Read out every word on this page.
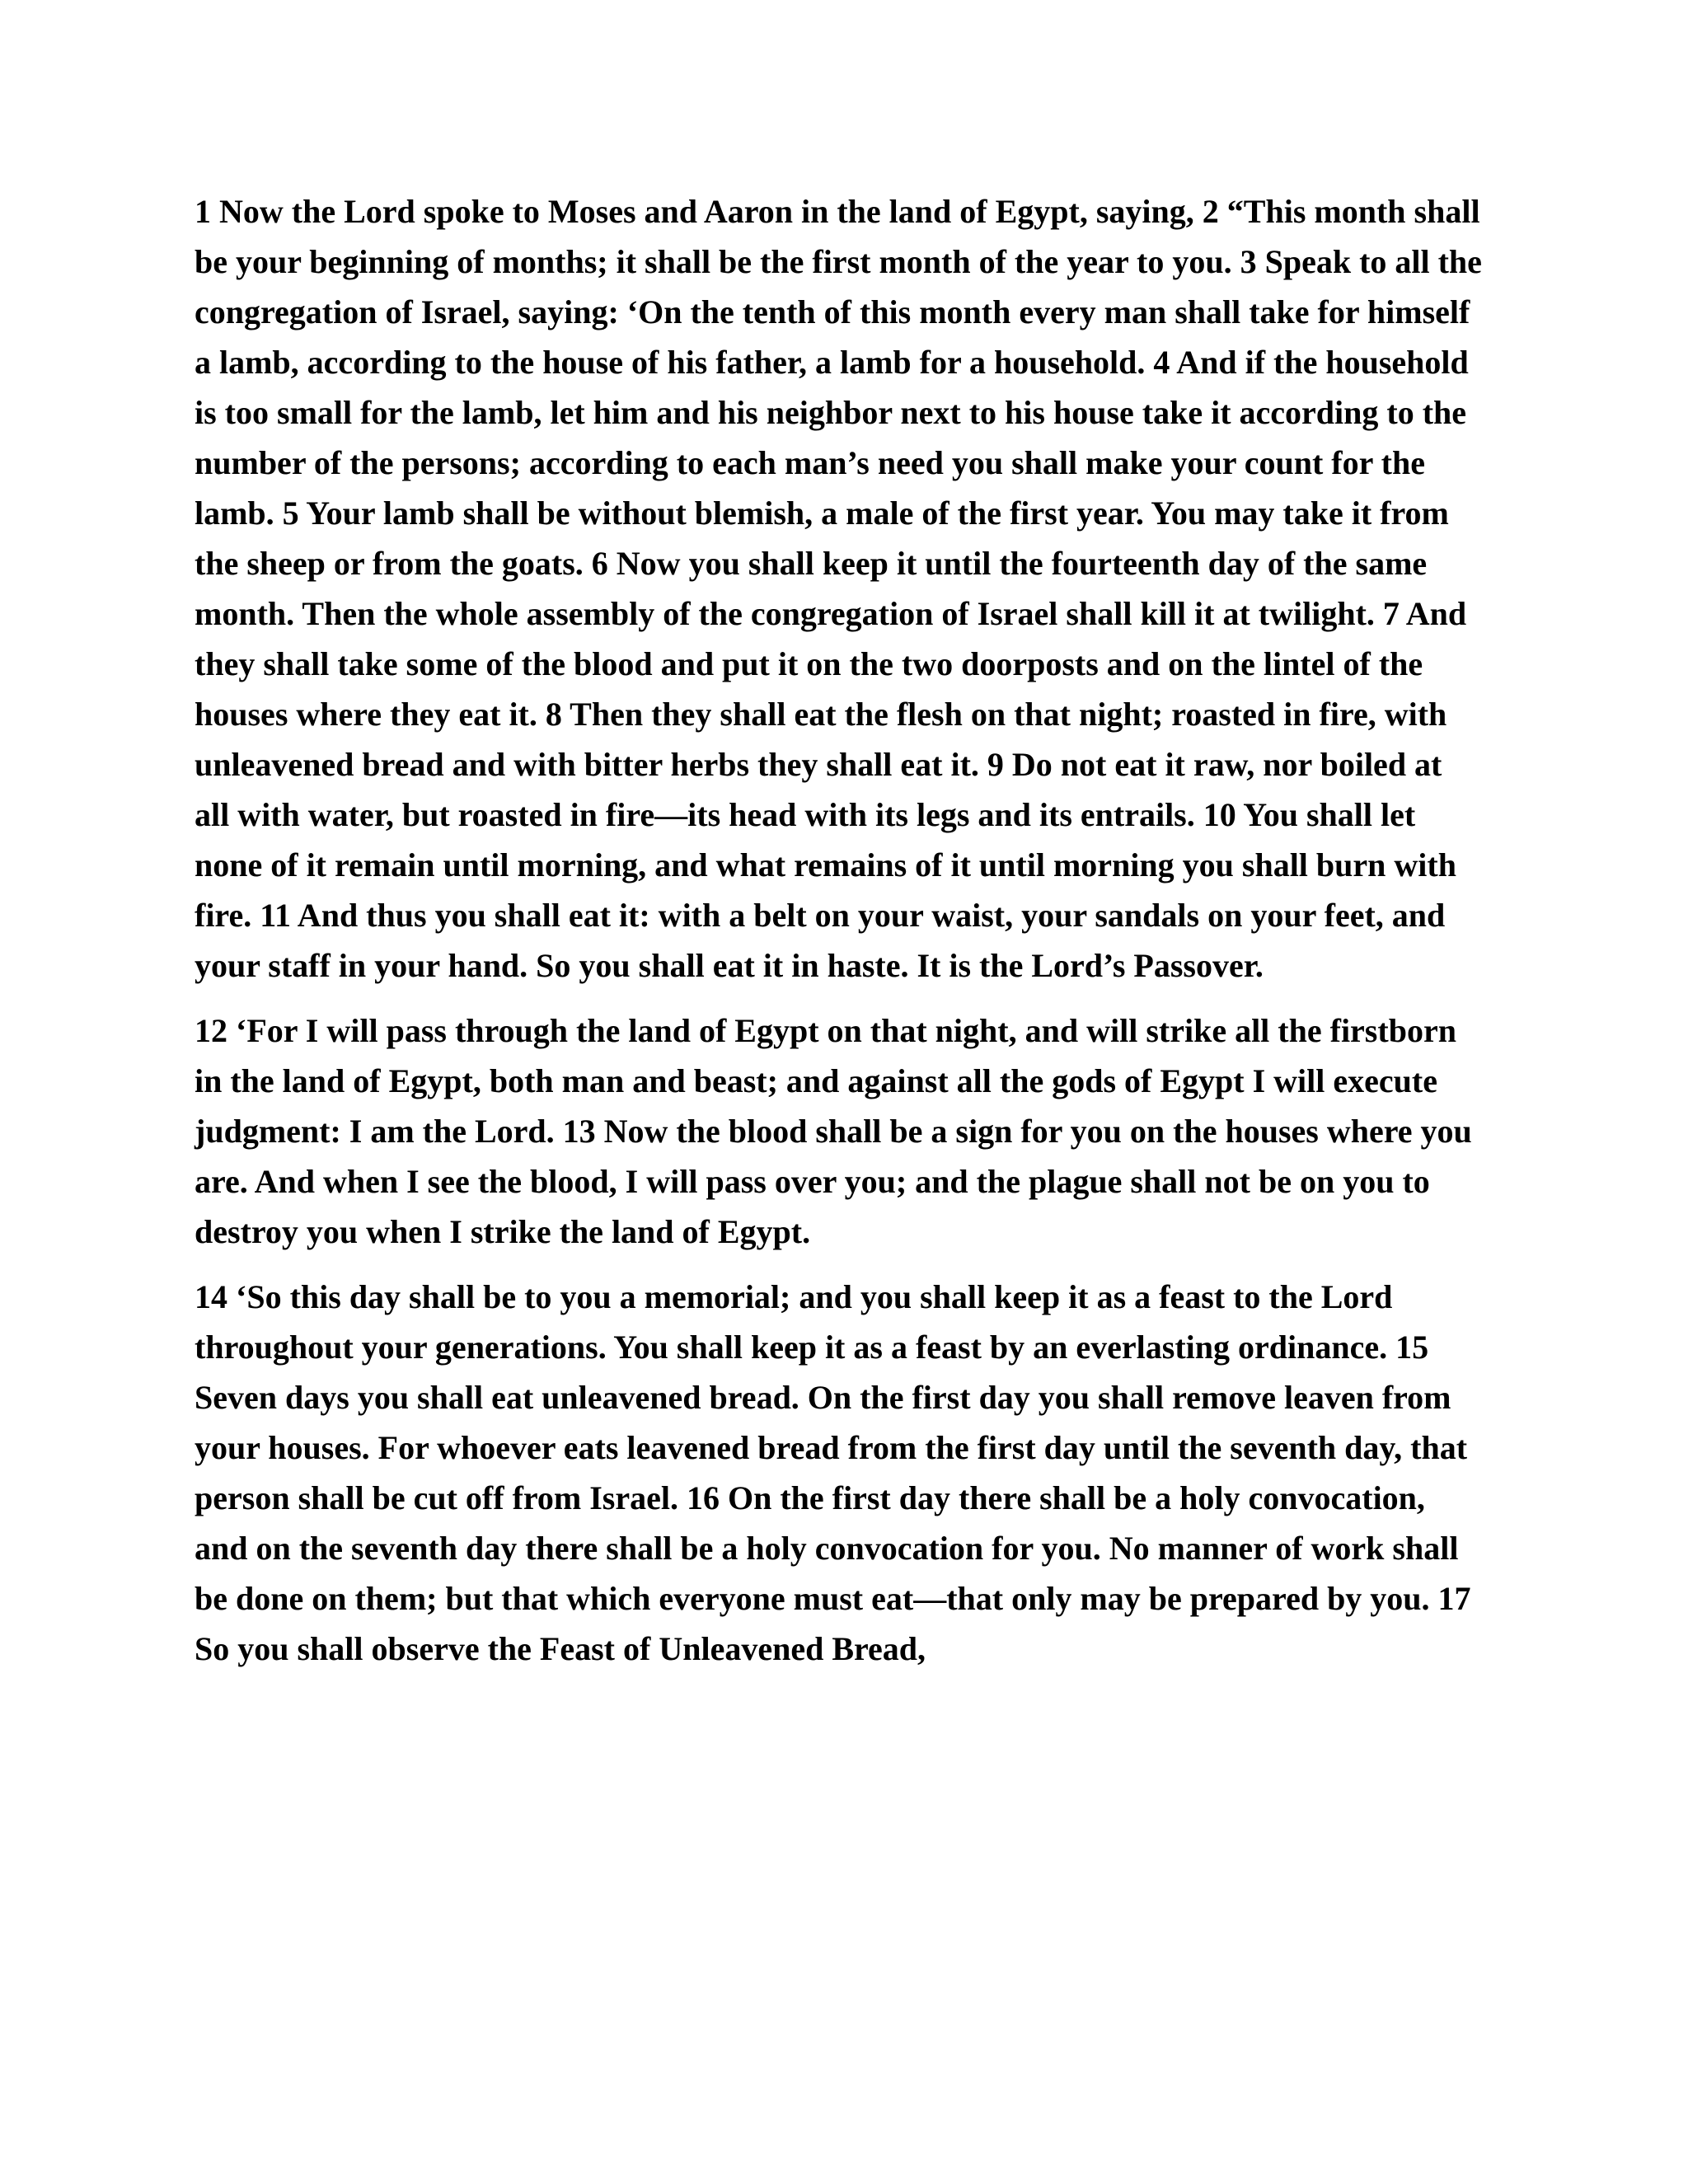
1 Now the Lord spoke to Moses and Aaron in the land of Egypt, saying, 2 “This month shall be your beginning of months; it shall be the first month of the year to you. 3 Speak to all the congregation of Israel, saying: ‘On the tenth of this month every man shall take for himself a lamb, according to the house of his father, a lamb for a household. 4 And if the household is too small for the lamb, let him and his neighbor next to his house take it according to the number of the persons; according to each man’s need you shall make your count for the lamb. 5 Your lamb shall be without blemish, a male of the first year. You may take it from the sheep or from the goats. 6 Now you shall keep it until the fourteenth day of the same month. Then the whole assembly of the congregation of Israel shall kill it at twilight. 7 And they shall take some of the blood and put it on the two doorposts and on the lintel of the houses where they eat it. 8 Then they shall eat the flesh on that night; roasted in fire, with unleavened bread and with bitter herbs they shall eat it. 9 Do not eat it raw, nor boiled at all with water, but roasted in fire—its head with its legs and its entrails. 10 You shall let none of it remain until morning, and what remains of it until morning you shall burn with fire. 11 And thus you shall eat it: with a belt on your waist, your sandals on your feet, and your staff in your hand. So you shall eat it in haste. It is the Lord’s Passover.

12 ‘For I will pass through the land of Egypt on that night, and will strike all the firstborn in the land of Egypt, both man and beast; and against all the gods of Egypt I will execute judgment: I am the Lord. 13 Now the blood shall be a sign for you on the houses where you are. And when I see the blood, I will pass over you; and the plague shall not be on you to destroy you when I strike the land of Egypt.

14 ‘So this day shall be to you a memorial; and you shall keep it as a feast to the Lord throughout your generations. You shall keep it as a feast by an everlasting ordinance. 15 Seven days you shall eat unleavened bread. On the first day you shall remove leaven from your houses. For whoever eats leavened bread from the first day until the seventh day, that person shall be cut off from Israel. 16 On the first day there shall be a holy convocation, and on the seventh day there shall be a holy convocation for you. No manner of work shall be done on them; but that which everyone must eat—that only may be prepared by you. 17 So you shall observe the Feast of Unleavened Bread,
